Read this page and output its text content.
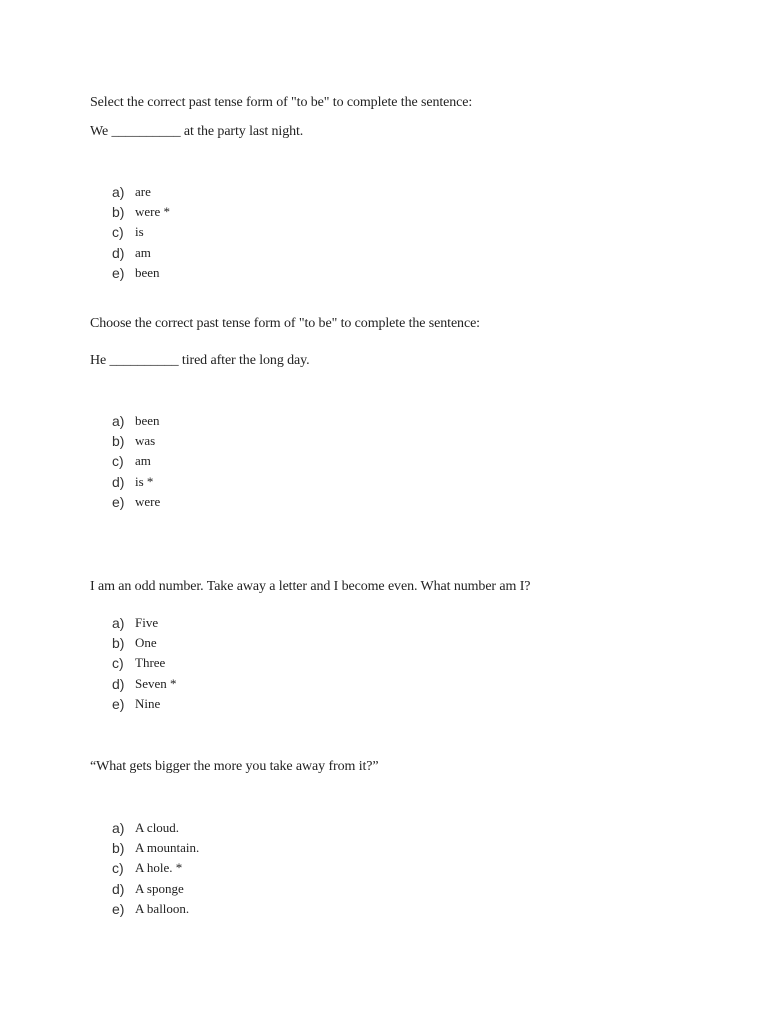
Select the correct past tense form of "to be" to complete the sentence:
We __________ at the party last night.
a) are
b) were *
c) is
d) am
e) been
Choose the correct past tense form of "to be" to complete the sentence:
He __________ tired after the long day.
a) been
b) was
c) am
d) is *
e) were
I am an odd number. Take away a letter and I become even. What number am I?
a) Five
b) One
c) Three
d) Seven *
e) Nine
“What gets bigger the more you take away from it?”
a) A cloud.
b) A mountain.
c) A hole. *
d) A sponge
e) A balloon.
